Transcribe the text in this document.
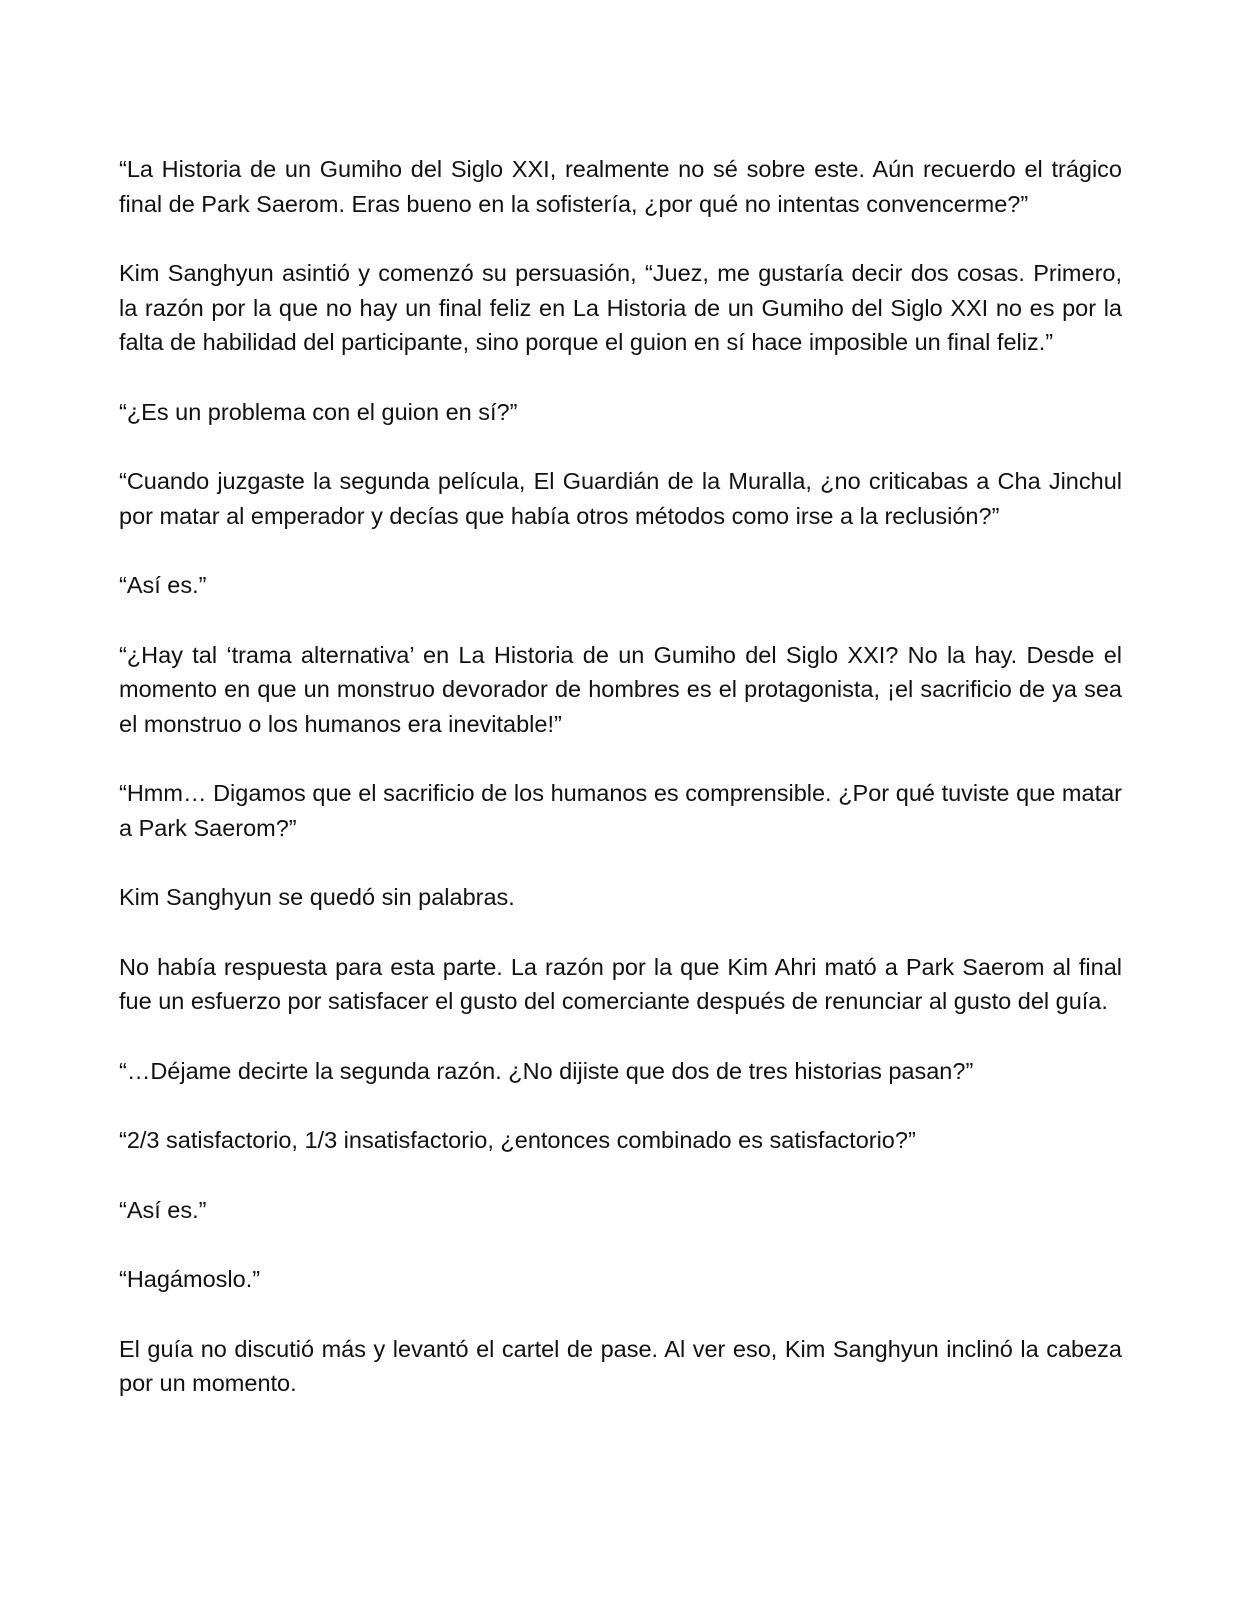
“La Historia de un Gumiho del Siglo XXI, realmente no sé sobre este. Aún recuerdo el trágico final de Park Saerom. Eras bueno en la sofistería, ¿por qué no intentas convencerme?”

Kim Sanghyun asintió y comenzó su persuasión, “Juez, me gustaría decir dos cosas. Primero, la razón por la que no hay un final feliz en La Historia de un Gumiho del Siglo XXI no es por la falta de habilidad del participante, sino porque el guion en sí hace imposible un final feliz.”

“¿Es un problema con el guion en sí?”

“Cuando juzgaste la segunda película, El Guardián de la Muralla, ¿no criticabas a Cha Jinchul por matar al emperador y decías que había otros métodos como irse a la reclusión?”

“Así es.”

“¿Hay tal ‘trama alternativa’ en La Historia de un Gumiho del Siglo XXI? No la hay. Desde el momento en que un monstruo devorador de hombres es el protagonista, ¡el sacrificio de ya sea el monstruo o los humanos era inevitable!”

“Hmm… Digamos que el sacrificio de los humanos es comprensible. ¿Por qué tuviste que matar a Park Saerom?”

Kim Sanghyun se quedó sin palabras.

No había respuesta para esta parte. La razón por la que Kim Ahri mató a Park Saerom al final fue un esfuerzo por satisfacer el gusto del comerciante después de renunciar al gusto del guía.

“…Déjame decirte la segunda razón. ¿No dijiste que dos de tres historias pasan?”

“2/3 satisfactorio, 1/3 insatisfactorio, ¿entonces combinado es satisfactorio?”

“Así es.”

“Hagámoslo.”

El guía no discutió más y levantó el cartel de pase. Al ver eso, Kim Sanghyun inclinó la cabeza por un momento.
